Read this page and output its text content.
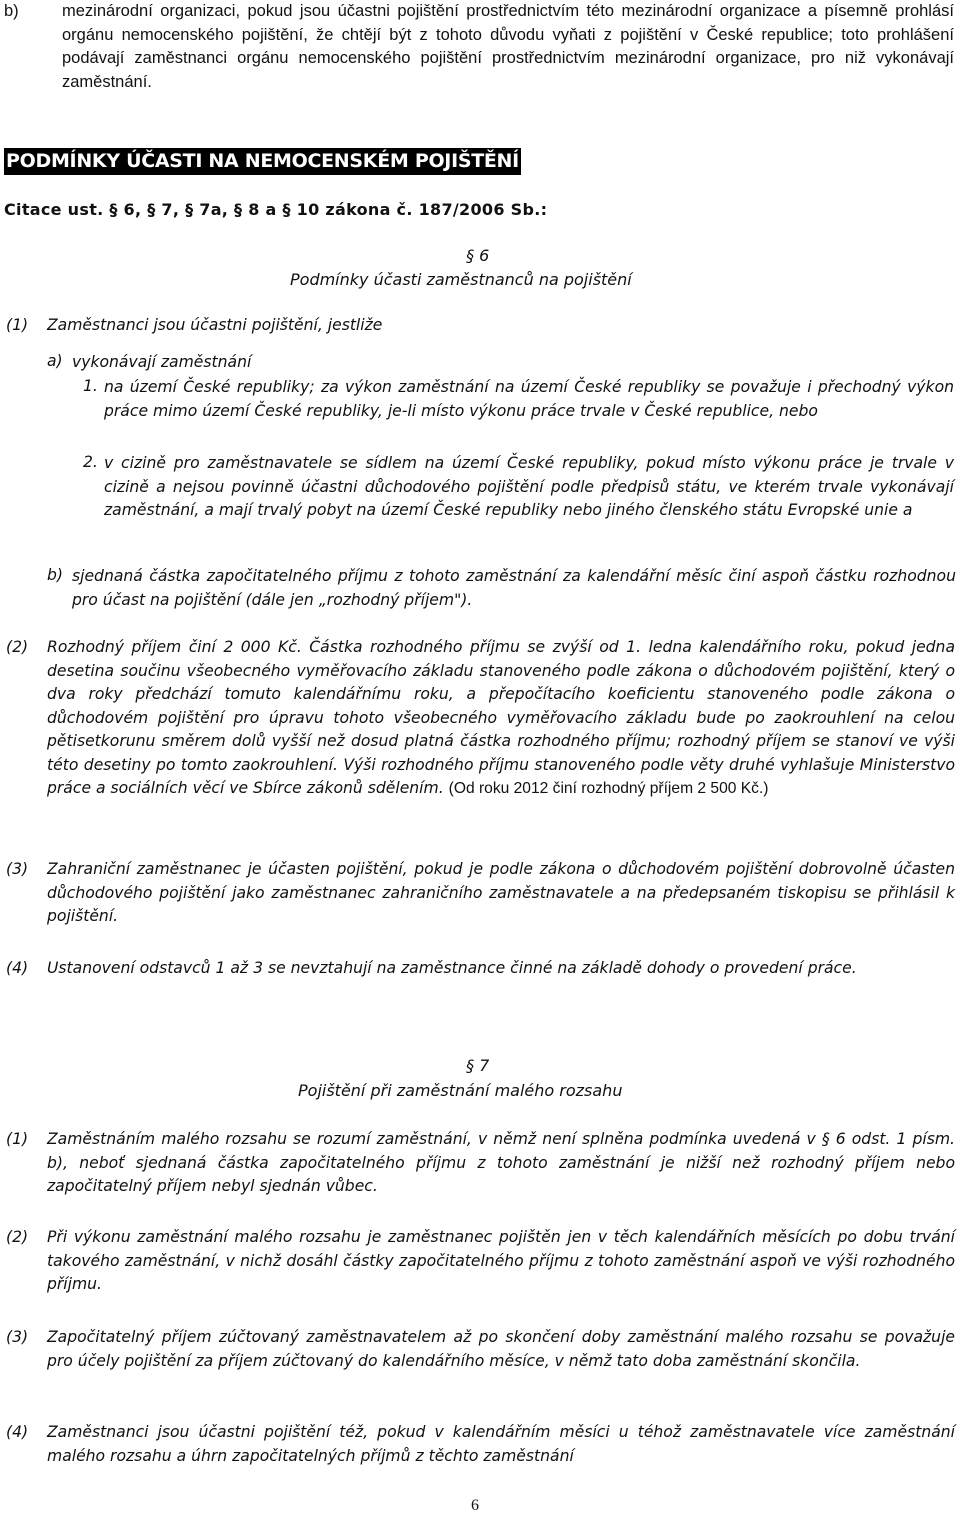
b)	mezinárodní organizaci, pokud jsou účastni pojištění prostřednictvím této mezinárodní organizace a písemně prohlásí orgánu nemocenského pojištění, že chtějí být z tohoto důvodu vyňati z pojištění v České republice; toto prohlášení podávají zaměstnanci orgánu nemocenského pojištění prostřednictvím mezinárodní organizace, pro niž vykonávají zaměstnání.
PODMÍNKY ÚČASTI NA NEMOCENSKÉM POJIŠTĚNÍ
Citace ust. § 6, § 7, § 7a, § 8 a § 10 zákona č. 187/2006 Sb.:
§ 6
Podmínky účasti zaměstnanců na pojištění
(1) Zaměstnanci jsou účastni pojištění, jestliže
a) vykonávají zaměstnání
1. na území České republiky; za výkon zaměstnání na území České republiky se považuje i přechodný výkon práce mimo území České republiky, je-li místo výkonu práce trvale v České republice, nebo
2. v cizině pro zaměstnavatele se sídlem na území České republiky, pokud místo výkonu práce je trvale v cizině a nejsou povinně účastni důchodového pojištění podle předpisů státu, ve kterém trvale vykonávají zaměstnání, a mají trvalý pobyt na území České republiky nebo jiného členského státu Evropské unie a
b) sjednaná částka započitatelného příjmu z tohoto zaměstnání za kalendářní měsíc činí aspoň částku rozhodnou pro účast na pojištění (dále jen „rozhodný příjem").
(2) Rozhodný příjem činí 2 000 Kč. Částka rozhodného příjmu se zvýší od 1. ledna kalendářního roku, pokud jedna desetina součinu všeobecného vyměřovacího základu stanoveného podle zákona o důchodovém pojištění, který o dva roky předchází tomuto kalendářnímu roku, a přepočítacího koeficientu stanoveného podle zákona o důchodovém pojištění pro úpravu tohoto všeobecného vyměřovacího základu bude po zaokrouhlení na celou pětisetkorunu směrem dolů vyšší než dosud platná částka rozhodného příjmu; rozhodný příjem se stanoví ve výši této desetiny po tomto zaokrouhlení. Výši rozhodného příjmu stanoveného podle věty druhé vyhlašuje Ministerstvo práce a sociálních věcí ve Sbírce zákonů sdělením. (Od roku 2012 činí rozhodný příjem 2 500 Kč.)
(3) Zahraniční zaměstnanec je účasten pojištění, pokud je podle zákona o důchodovém pojištění dobrovolně účasten důchodového pojištění jako zaměstnanec zahraničního zaměstnavatele a na předepsaném tiskopisu se přihlásil k pojištění.
(4) Ustanovení odstavců 1 až 3 se nevztahují na zaměstnance činné na základě dohody o provedení práce.
§ 7
Pojištění při zaměstnání malého rozsahu
(1) Zaměstnáním malého rozsahu se rozumí zaměstnání, v němž není splněna podmínka uvedená v § 6 odst. 1 písm. b), neboť sjednaná částka započitatelného příjmu z tohoto zaměstnání je nižší než rozhodný příjem nebo započitatelný příjem nebyl sjednán vůbec.
(2) Při výkonu zaměstnání malého rozsahu je zaměstnanec pojištěn jen v těch kalendářních měsících po dobu trvání takového zaměstnání, v nichž dosáhl částky započitatelného příjmu z tohoto zaměstnání aspoň ve výši rozhodného příjmu.
(3) Započitatelný příjem zúčtovaný zaměstnavatelem až po skončení doby zaměstnání malého rozsahu se považuje pro účely pojištění za příjem zúčtovaný do kalendářního měsíce, v němž tato doba zaměstnání skončila.
(4) Zaměstnanci jsou účastni pojištění též, pokud v kalendářním měsíci u téhož zaměstnavatele více zaměstnání malého rozsahu a úhrn započitatelných příjmů z těchto zaměstnání
6
